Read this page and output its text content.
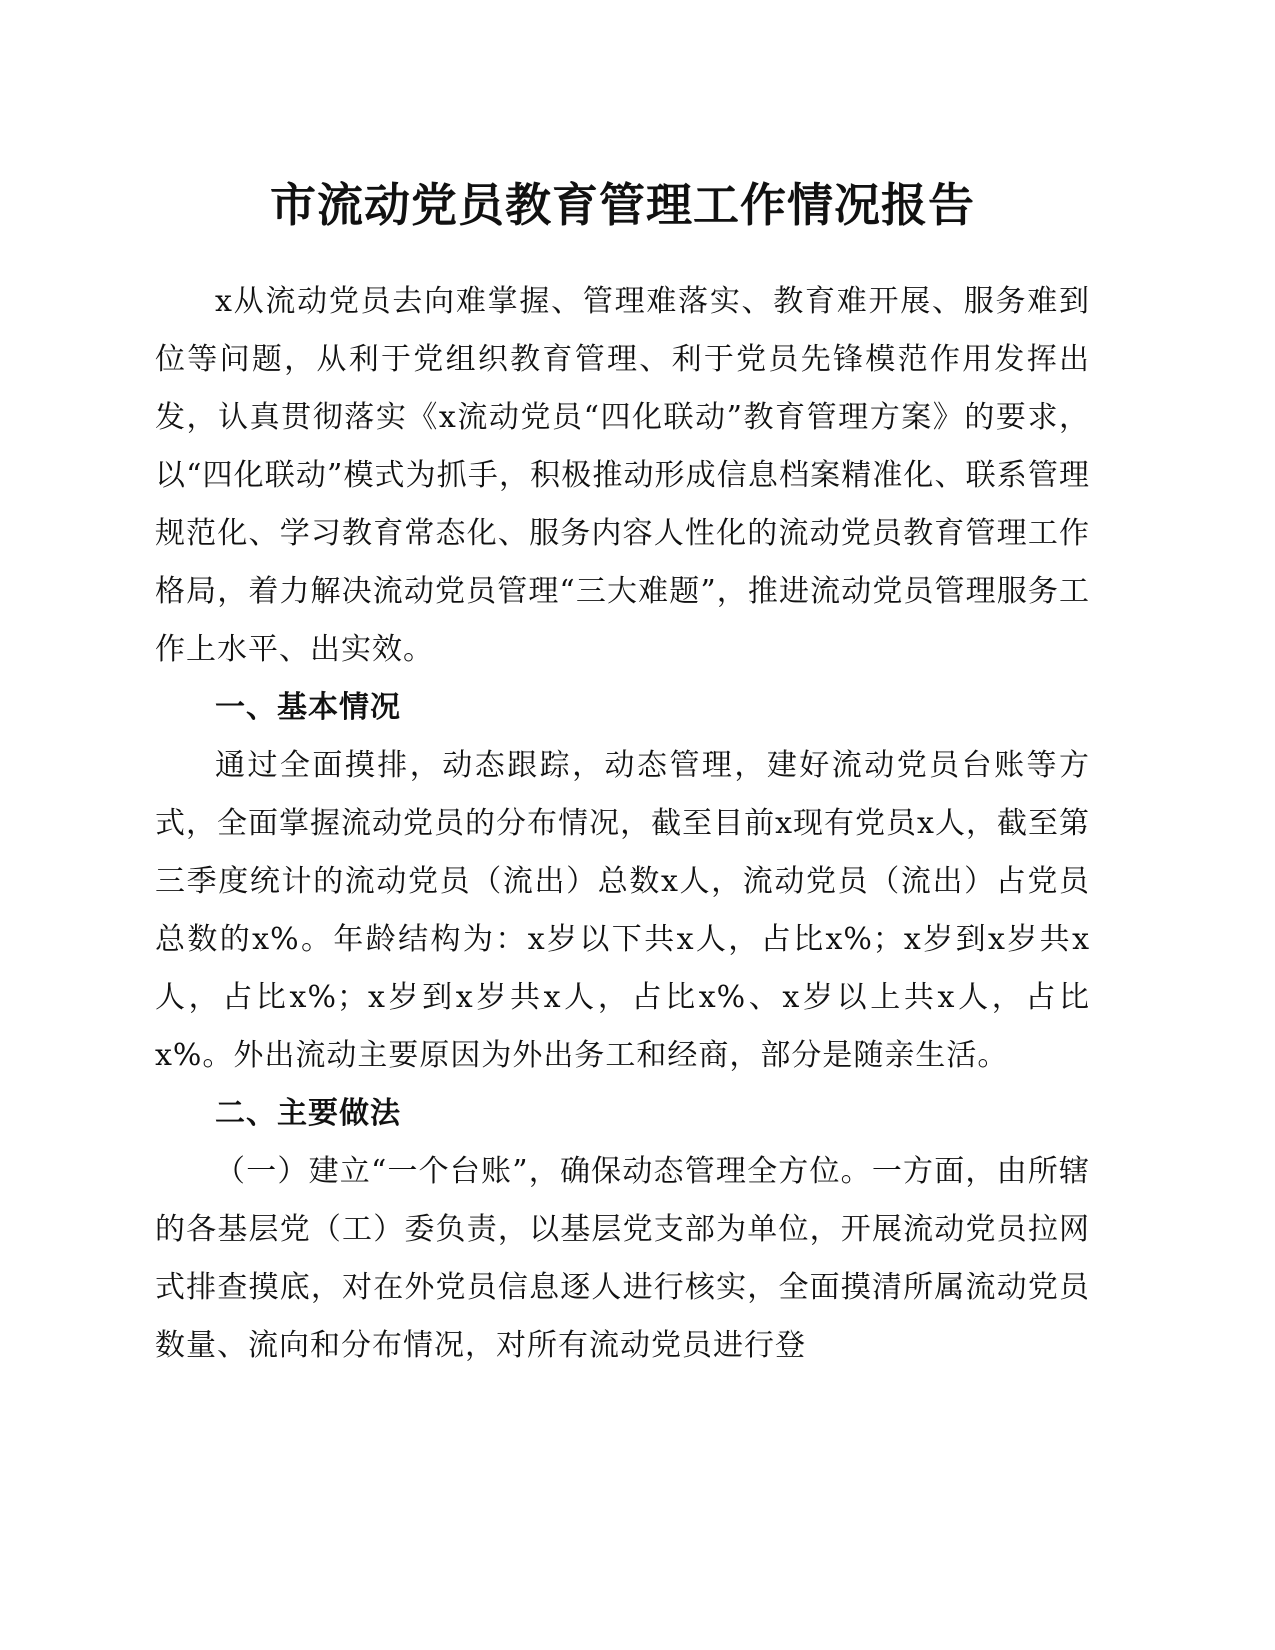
市流动党员教育管理工作情况报告

x从流动党员去向难掌握、管理难落实、教育难开展、服务难到位等问题，从利于党组织教育管理、利于党员先锋模范作用发挥出发，认真贯彻落实《x流动党员“四化联动”教育管理方案》的要求，以“四化联动”模式为抓手，积极推动形成信息档案精准化、联系管理规范化、学习教育常态化、服务内容人性化的流动党员教育管理工作格局，着力解决流动党员管理“三大难题”，推进流动党员管理服务工作上水平、出实效。

一、基本情况

通过全面摸排，动态跟踪，动态管理，建好流动党员台账等方式，全面掌握流动党员的分布情况，截至目前x现有党员x人，截至第三季度统计的流动党员（流出）总数x人，流动党员（流出）占党员总数的x%。年龄结构为：x岁以下共x人，占比x%；x岁到x岁共x人，占比x%；x岁到x岁共x人，占比x%、x岁以上共x人，占比x%。外出流动主要原因为外出务工和经商，部分是随亲生活。

二、主要做法

（一）建立“一个台账”，确保动态管理全方位。一方面，由所辖的各基层党（工）委负责，以基层党支部为单位，开展流动党员拉网式排查摸底，对在外党员信息逐人进行核实，全面摸清所属流动党员数量、流向和分布情况，对所有流动党员进行登
